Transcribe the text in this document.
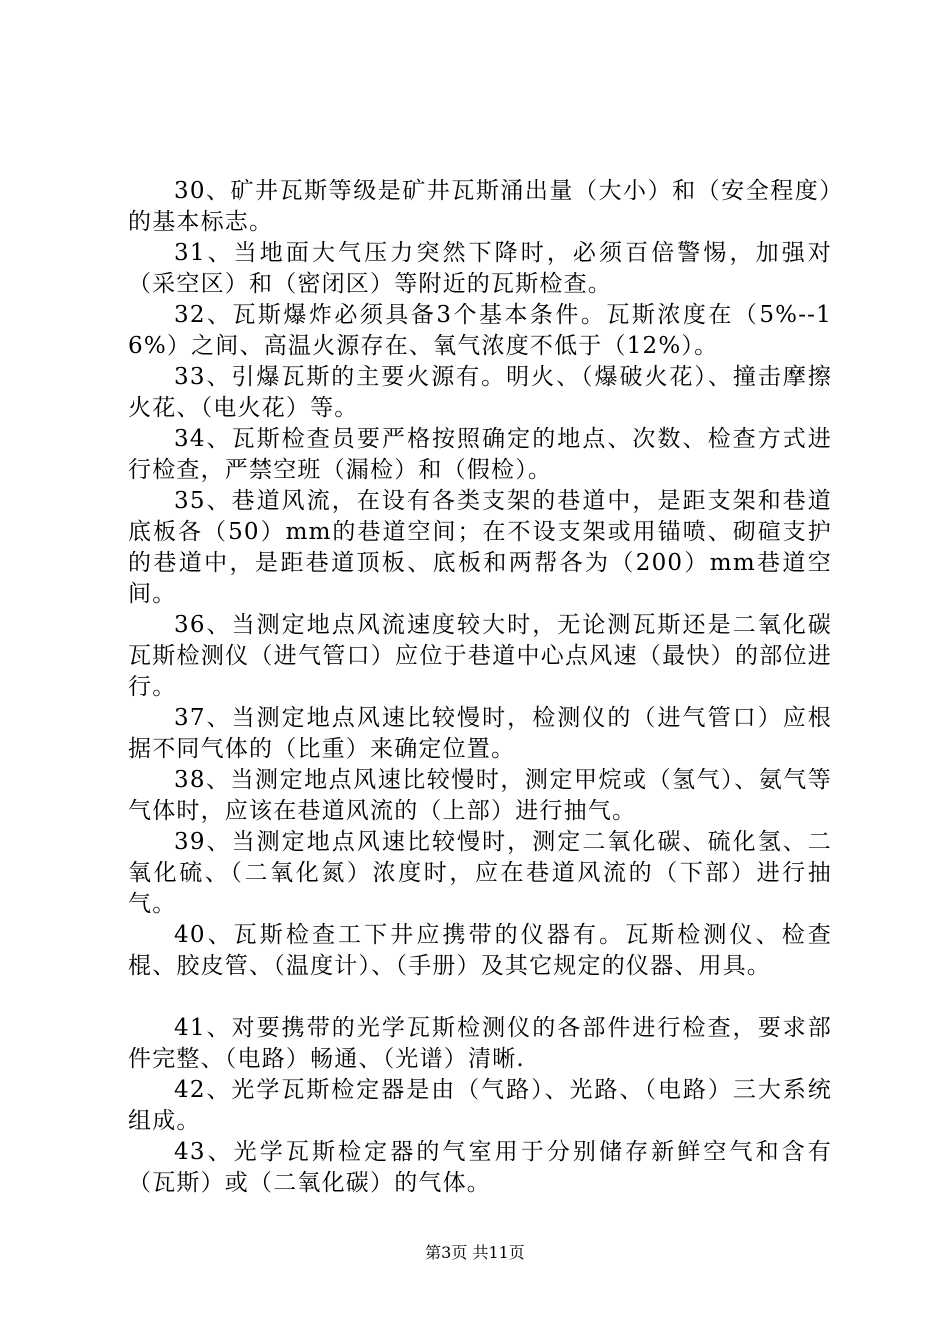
30、矿井瓦斯等级是矿井瓦斯涌出量（大小）和（安全程度）的基本标志。

31、当地面大气压力突然下降时，必须百倍警惕，加强对（采空区）和（密闭区）等附近的瓦斯检查。

32、瓦斯爆炸必须具备3个基本条件。瓦斯浓度在（5%--16%）之间、高温火源存在、氧气浓度不低于（12%）。

33、引爆瓦斯的主要火源有。明火、（爆破火花）、撞击摩擦火花、（电火花）等。

34、瓦斯检查员要严格按照确定的地点、次数、检查方式进行检查，严禁空班（漏检）和（假检）。

35、巷道风流，在设有各类支架的巷道中，是距支架和巷道底板各（50）mm的巷道空间；在不设支架或用锚喷、砌碹支护的巷道中，是距巷道顶板、底板和两帮各为（200）mm巷道空间。

36、当测定地点风流速度较大时，无论测瓦斯还是二氧化碳瓦斯检测仪（进气管口）应位于巷道中心点风速（最快）的部位进行。

37、当测定地点风速比较慢时，检测仪的（进气管口）应根据不同气体的（比重）来确定位置。

38、当测定地点风速比较慢时，测定甲烷或（氢气）、氨气等气体时，应该在巷道风流的（上部）进行抽气。

39、当测定地点风速比较慢时，测定二氧化碳、硫化氢、二氧化硫、（二氧化氮）浓度时，应在巷道风流的（下部）进行抽气。

40、瓦斯检查工下井应携带的仪器有。瓦斯检测仪、检查棍、胶皮管、（温度计）、（手册）及其它规定的仪器、用具。

41、对要携带的光学瓦斯检测仪的各部件进行检查，要求部件完整、（电路）畅通、（光谱）清晰.

42、光学瓦斯检定器是由（气路）、光路、（电路）三大系统组成。

43、光学瓦斯检定器的气室用于分别储存新鲜空气和含有（瓦斯）或（二氧化碳）的气体。

第3页 共11页
